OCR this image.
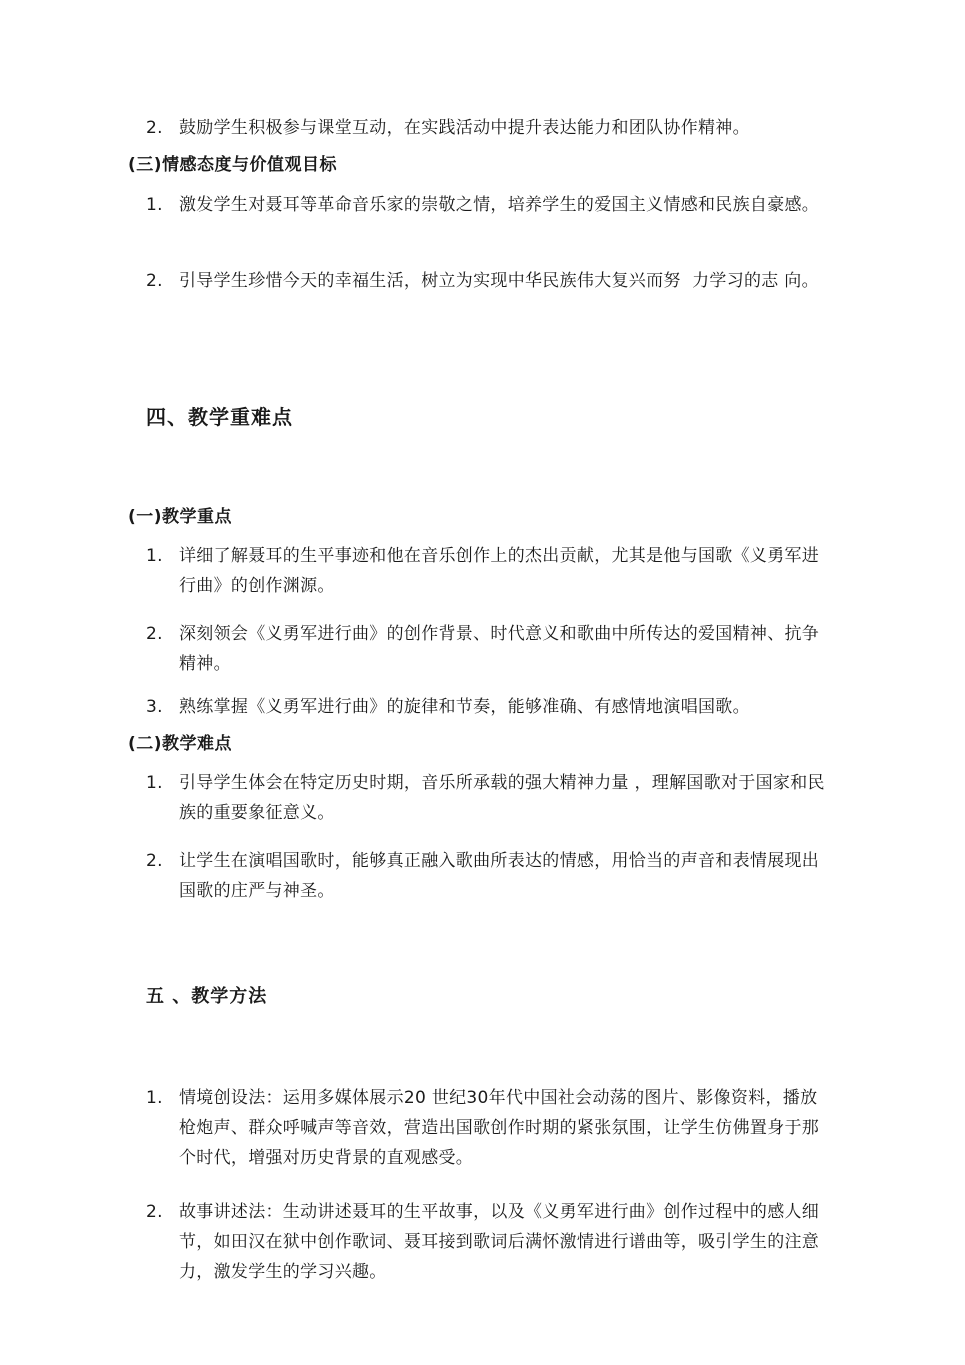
2. 鼓励学生积极参与课堂互动，在实践活动中提升表达能力和团队协作精神。
(三)情感态度与价值观目标
1. 激发学生对聂耳等革命音乐家的崇敬之情，培养学生的爱国主义情感和民族自豪感。
2. 引导学生珍惜今天的幸福生活，树立为实现中华民族伟大复兴而努  力学习的志 向。
四、教学重难点
(一)教学重点
1. 详细了解聂耳的生平事迹和他在音乐创作上的杰出贡献，尤其是他与国歌《义勇军进行曲》的创作渊源。
2. 深刻领会《义勇军进行曲》的创作背景、时代意义和歌曲中所传达的爱国精神、抗争精神。
3. 熟练掌握《义勇军进行曲》的旋律和节奏，能够准确、有感情地演唱国歌。
(二)教学难点
1. 引导学生体会在特定历史时期，音乐所承载的强大精神力量 ，理解国歌对于国家和民族的重要象征意义。
2. 让学生在演唱国歌时，能够真正融入歌曲所表达的情感，用恰当的声音和表情展现出国歌的庄严与神圣。
五 、教学方法
1. 情境创设法：运用多媒体展示20 世纪30年代中国社会动荡的图片、影像资料，播放枪炮声、群众呼喊声等音效，营造出国歌创作时期的紧张氛围，让学生仿佛置身于那个时代，增强对历史背景的直观感受。
2. 故事讲述法：生动讲述聂耳的生平故事，以及《义勇军进行曲》创作过程中的感人细节，如田汉在狱中创作歌词、聂耳接到歌词后满怀激情进行谱曲等，吸引学生的注意力，激发学生的学习兴趣。
